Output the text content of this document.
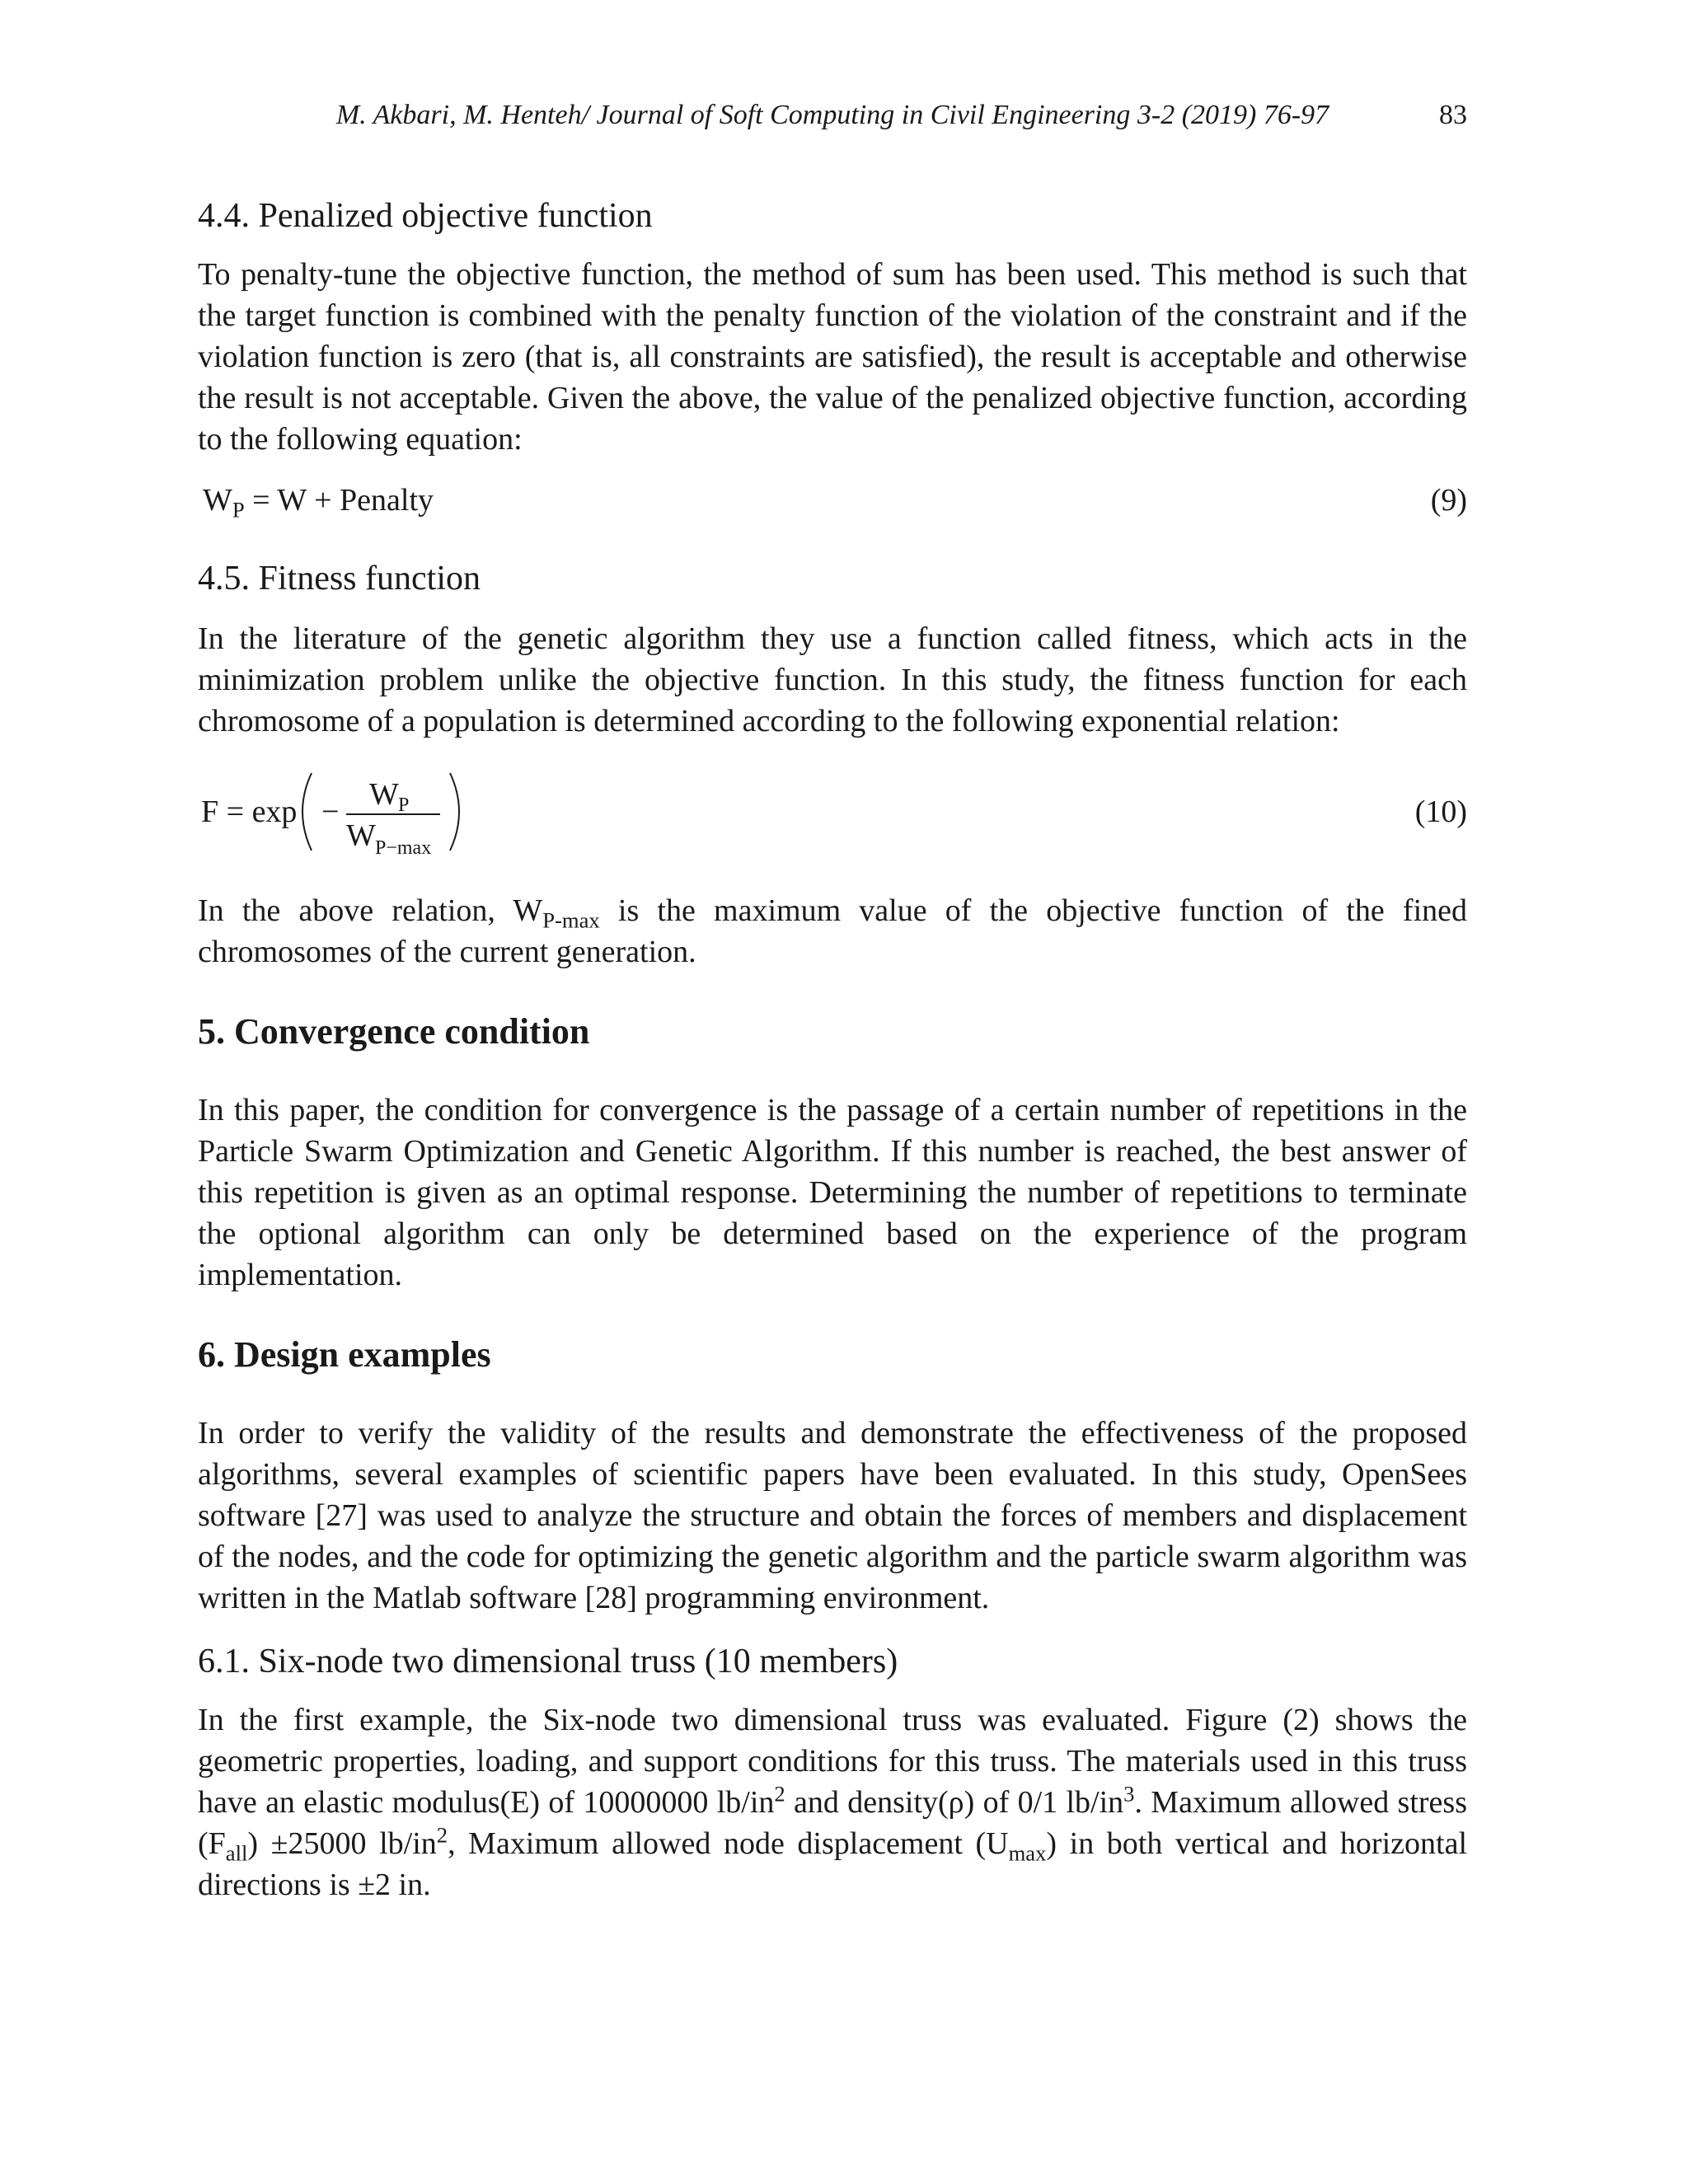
M. Akbari, M. Henteh/ Journal of Soft Computing in Civil Engineering 3-2 (2019) 76-97	83
4.4. Penalized objective function

To penalty-tune the objective function, the method of sum has been used. This method is such that the target function is combined with the penalty function of the violation of the constraint and if the violation function is zero (that is, all constraints are satisfied), the result is acceptable and otherwise the result is not acceptable. Given the above, the value of the penalized objective function, according to the following equation:

$W_P = W$ + Penalty	(9)
4.5. Fitness function

In the literature of the genetic algorithm they use a function called fitness, which acts in the minimization problem unlike the objective function. In this study, the fitness function for each chromosome of a population is determined according to the following exponential relation:

F = exp − W P
W P−max
(10)

In the above relation, $W_{P-max}$ is the maximum value of the objective function of the fined chromosomes of the current generation.

5. Convergence condition

In this paper, the condition for convergence is the passage of a certain number of repetitions in the Particle Swarm Optimization and Genetic Algorithm. If this number is reached, the best answer of this repetition is given as an optimal response. Determining the number of repetitions to terminate the optional algorithm can only be determined based on the experience of the program implementation.

6. Design examples

In order to verify the validity of the results and demonstrate the effectiveness of the proposed algorithms, several examples of scientific papers have been evaluated. In this study, OpenSees software [27] was used to analyze the structure and obtain the forces of members and displacement of the nodes, and the code for optimizing the genetic algorithm and the particle swarm algorithm was written in the Matlab software [28] programming environment.

6.1. Six-node two dimensional truss (10 members)

In the first example, the Six-node two dimensional truss was evaluated. Figure (2) shows the geometric properties, loading, and support conditions for this truss. The materials used in this truss have an elastic modulus(E) of 10000000 $lb/in^2$ and density(ρ) of 0/1 $lb/in^3$. Maximum allowed stress $(F_{all}) \pm 25000$ $lb/in^2$, Maximum allowed node displacement $(U_{max})$ in both vertical and horizontal directions is ±2 in.
